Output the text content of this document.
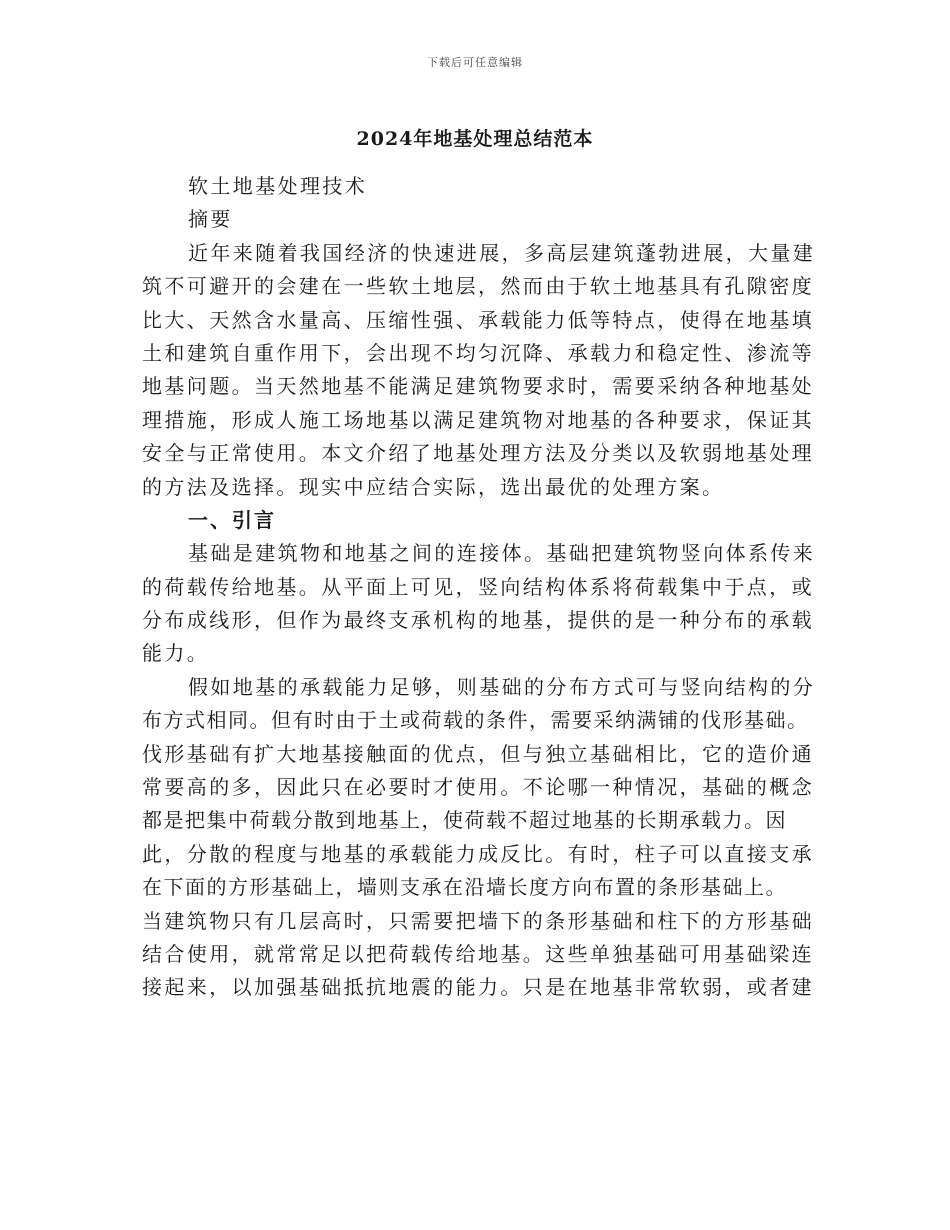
下载后可任意编辑
2024年地基处理总结范本
软土地基处理技术
摘要
近年来随着我国经济的快速进展，多高层建筑蓬勃进展，大量建
筑不可避开的会建在一些软土地层，然而由于软土地基具有孔隙密度
比大、天然含水量高、压缩性强、承载能力低等特点，使得在地基填
土和建筑自重作用下，会出现不均匀沉降、承载力和稳定性、渗流等
地基问题。当天然地基不能满足建筑物要求时，需要采纳各种地基处
理措施，形成人施工场地基以满足建筑物对地基的各种要求，保证其
安全与正常使用。本文介绍了地基处理方法及分类以及软弱地基处理
的方法及选择。现实中应结合实际，选出最优的处理方案。
一、引言
基础是建筑物和地基之间的连接体。基础把建筑物竖向体系传来
的荷载传给地基。从平面上可见，竖向结构体系将荷载集中于点，或
分布成线形，但作为最终支承机构的地基，提供的是一种分布的承载
能力。
假如地基的承载能力足够，则基础的分布方式可与竖向结构的分
布方式相同。但有时由于土或荷载的条件，需要采纳满铺的伐形基础。
伐形基础有扩大地基接触面的优点，但与独立基础相比，它的造价通
常要高的多，因此只在必要时才使用。不论哪一种情况，基础的概念
都是把集中荷载分散到地基上，使荷载不超过地基的长期承载力。因
此，分散的程度与地基的承载能力成反比。有时，柱子可以直接支承
在下面的方形基础上，墙则支承在沿墙长度方向布置的条形基础上。
当建筑物只有几层高时，只需要把墙下的条形基础和柱下的方形基础
结合使用，就常常足以把荷载传给地基。这些单独基础可用基础梁连
接起来，以加强基础抵抗地震的能力。只是在地基非常软弱，或者建
